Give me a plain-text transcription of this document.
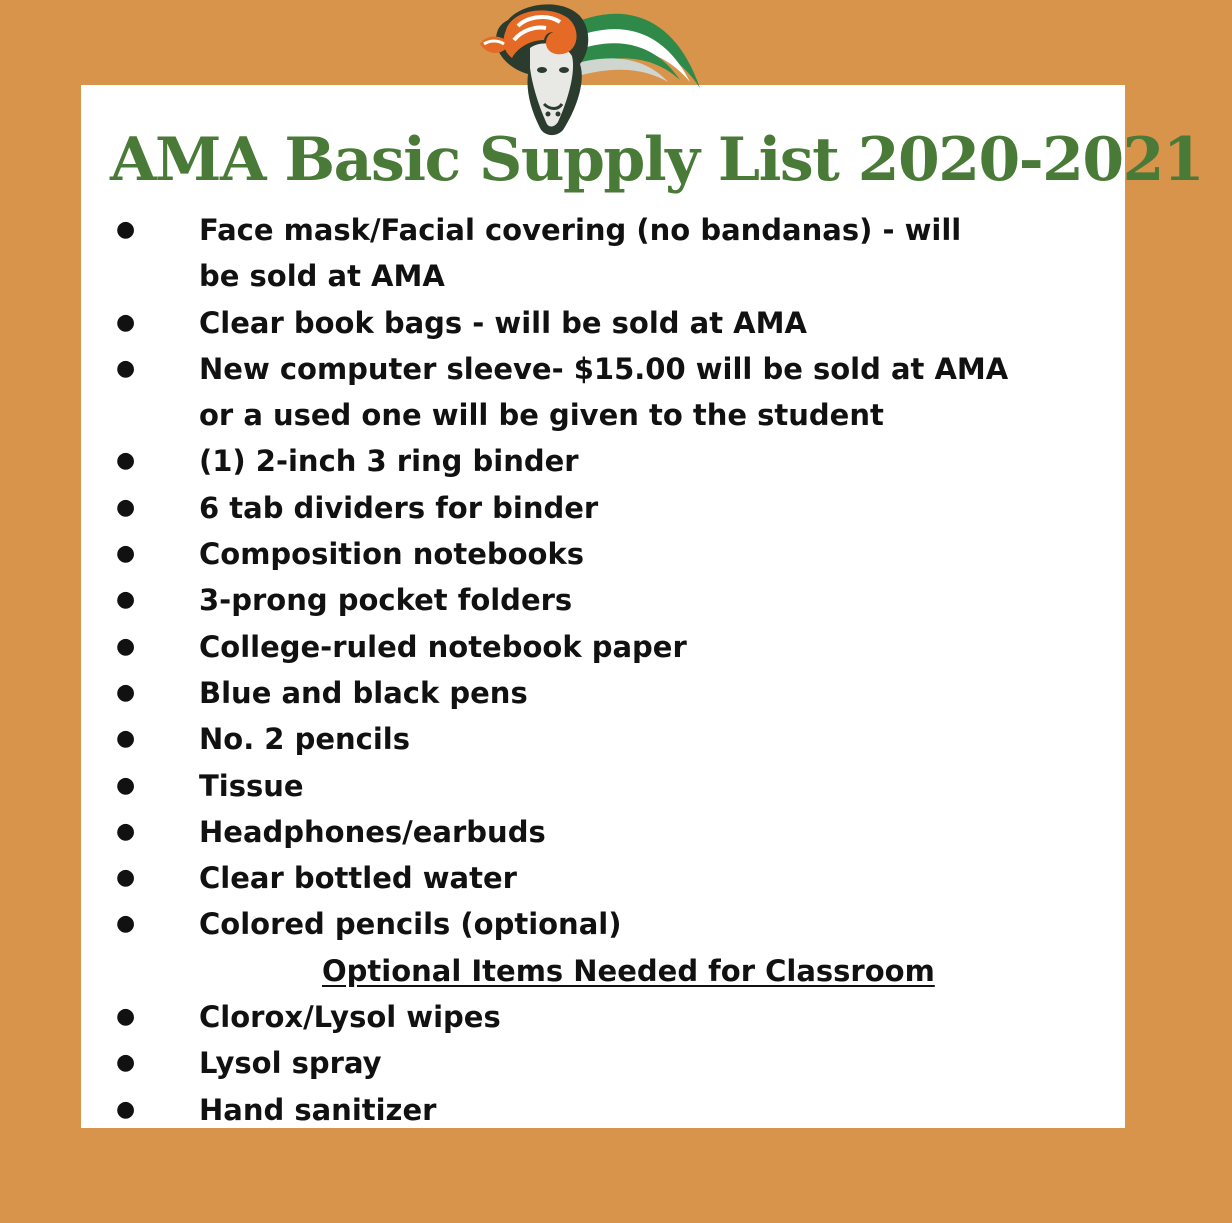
AMA Basic Supply List 2020-2021
● Face mask/Facial covering (no bandanas) - will be sold at AMA
● Clear book bags - will be sold at AMA
● New computer sleeve- $15.00 will be sold at AMA or a used one will be given to the student
● (1) 2-inch 3 ring binder
● 6 tab dividers for binder
● Composition notebooks
● 3-prong pocket folders
● College-ruled notebook paper
● Blue and black pens
● No. 2 pencils
● Tissue
● Headphones/earbuds
● Clear bottled water
● Colored pencils (optional)
Optional Items Needed for Classroom
● Clorox/Lysol wipes
● Lysol spray
● Hand sanitizer
